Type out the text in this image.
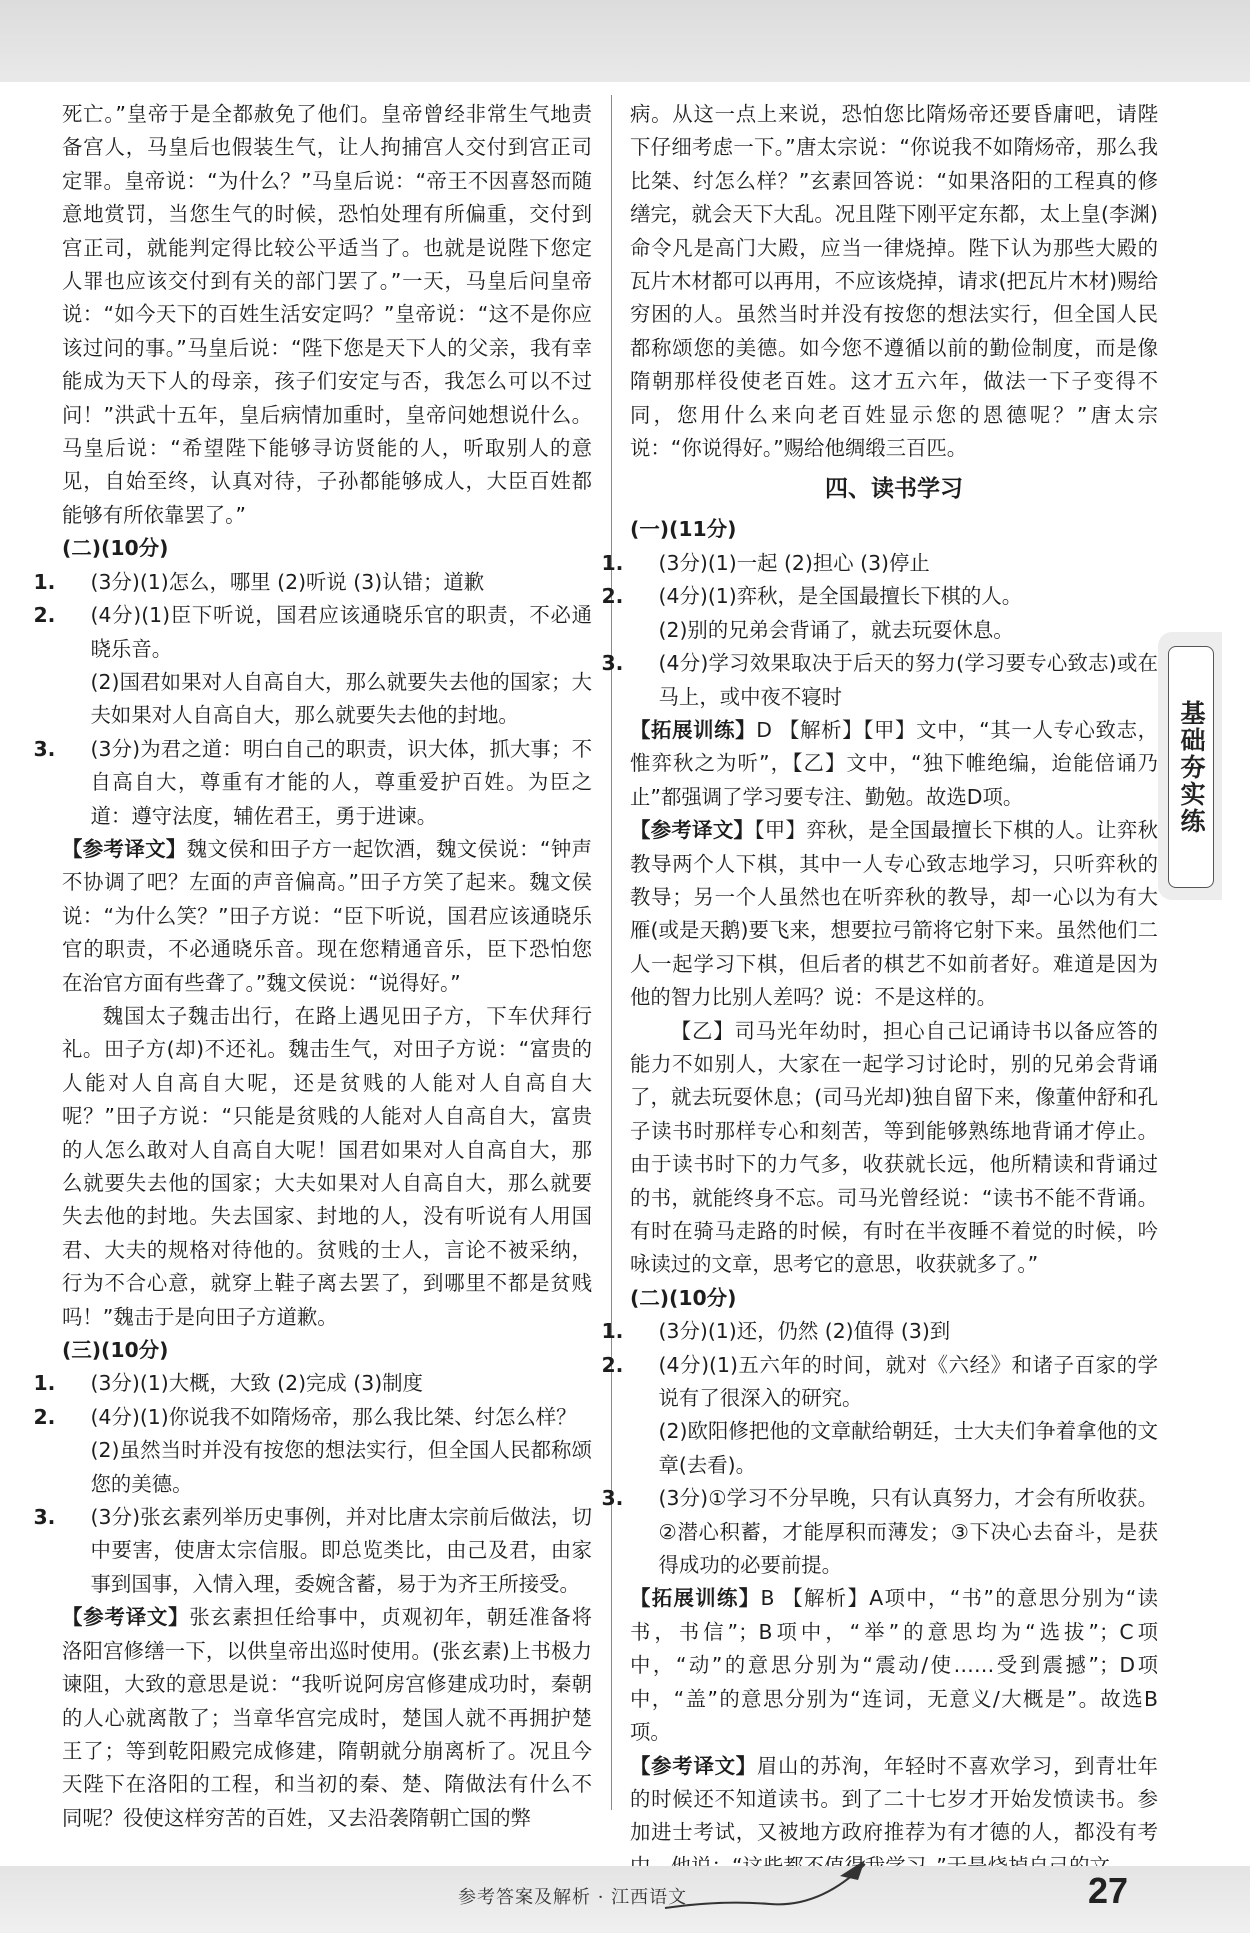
死亡。”皇帝于是全都赦免了他们。皇帝曾经非常生气地责备宫人，马皇后也假装生气，让人拘捕宫人交付到宫正司定罪。皇帝说：“为什么？”马皇后说：“帝王不因喜怒而随意地赏罚，当您生气的时候，恐怕处理有所偏重，交付到宫正司，就能判定得比较公平适当了。也就是说陛下您定人罪也应该交付到有关的部门罢了。”一天，马皇后问皇帝说：“如今天下的百姓生活安定吗？”皇帝说：“这不是你应该过问的事。”马皇后说：“陛下您是天下人的父亲，我有幸能成为天下人的母亲，孩子们安定与否，我怎么可以不过问！”洪武十五年，皇后病情加重时，皇帝问她想说什么。马皇后说：“希望陛下能够寻访贤能的人，听取别人的意见，自始至终，认真对待，子孙都能够成人，大臣百姓都能够有所依靠罢了。”

(二)(10分)

1. (3分)(1)怎么，哪里 (2)听说 (3)认错；道歉

2. (4分)(1)臣下听说，国君应该通晓乐官的职责，不必通晓乐音。

(2)国君如果对人自高自大，那么就要失去他的国家；大夫如果对人自高自大，那么就要失去他的封地。

3. (3分)为君之道：明白自己的职责，识大体，抓大事；不自高自大，尊重有才能的人，尊重爱护百姓。为臣之道：遵守法度，辅佐君王，勇于进谏。

【参考译文】魏文侯和田子方一起饮酒，魏文侯说：“钟声不协调了吧？左面的声音偏高。”田子方笑了起来。魏文侯说：“为什么笑？”田子方说：“臣下听说，国君应该通晓乐官的职责，不必通晓乐音。现在您精通音乐，臣下恐怕您在治官方面有些聋了。”魏文侯说：“说得好。”

魏国太子魏击出行，在路上遇见田子方，下车伏拜行礼。田子方(却)不还礼。魏击生气，对田子方说：“富贵的人能对人自高自大呢，还是贫贱的人能对人自高自大呢？”田子方说：“只能是贫贱的人能对人自高自大，富贵的人怎么敢对人自高自大呢！国君如果对人自高自大，那么就要失去他的国家；大夫如果对人自高自大，那么就要失去他的封地。失去国家、封地的人，没有听说有人用国君、大夫的规格对待他的。贫贱的士人，言论不被采纳，行为不合心意，就穿上鞋子离去罢了，到哪里不都是贫贱吗！”魏击于是向田子方道歉。

(三)(10分)

1. (3分)(1)大概，大致 (2)完成 (3)制度

2. (4分)(1)你说我不如隋炀帝，那么我比桀、纣怎么样？

(2)虽然当时并没有按您的想法实行，但全国人民都称颂您的美德。

3. (3分)张玄素列举历史事例，并对比唐太宗前后做法，切中要害，使唐太宗信服。即总览类比，由己及君，由家事到国事，入情入理，委婉含蓄，易于为齐王所接受。

【参考译文】张玄素担任给事中，贞观初年，朝廷准备将洛阳宫修缮一下，以供皇帝出巡时使用。(张玄素)上书极力谏阻，大致的意思是说：“我听说阿房宫修建成功时，秦朝的人心就离散了；当章华宫完成时，楚国人就不再拥护楚王了；等到乾阳殿完成修建，隋朝就分崩离析了。况且今天陛下在洛阳的工程，和当初的秦、楚、隋做法有什么不同呢？役使这样穷苦的百姓，又去沿袭隋朝亡国的弊

病。从这一点上来说，恐怕您比隋炀帝还要昏庸吧，请陛下仔细考虑一下。”唐太宗说：“你说我不如隋炀帝，那么我比桀、纣怎么样？”玄素回答说：“如果洛阳的工程真的修缮完，就会天下大乱。况且陛下刚平定东都，太上皇(李渊)命令凡是高门大殿，应当一律烧掉。陛下认为那些大殿的瓦片木材都可以再用，不应该烧掉，请求(把瓦片木材)赐给穷困的人。虽然当时并没有按您的想法实行，但全国人民都称颂您的美德。如今您不遵循以前的勤俭制度，而是像隋朝那样役使老百姓。这才五六年，做法一下子变得不同，您用什么来向老百姓显示您的恩德呢？”唐太宗说：“你说得好。”赐给他绸缎三百匹。

四、读书学习

(一)(11分)

1. (3分)(1)一起 (2)担心 (3)停止

2. (4分)(1)弈秋，是全国最擅长下棋的人。

(2)别的兄弟会背诵了，就去玩耍休息。

3. (4分)学习效果取决于后天的努力(学习要专心致志)或在马上，或中夜不寝时

【拓展训练】D 【解析】【甲】文中，“其一人专心致志，惟弈秋之为听”，【乙】文中，“独下帷绝编，迨能倍诵乃止”都强调了学习要专注、勤勉。故选D项。

【参考译文】【甲】弈秋，是全国最擅长下棋的人。让弈秋教导两个人下棋，其中一人专心致志地学习，只听弈秋的教导；另一个人虽然也在听弈秋的教导，却一心以为有大雁(或是天鹅)要飞来，想要拉弓箭将它射下来。虽然他们二人一起学习下棋，但后者的棋艺不如前者好。难道是因为他的智力比别人差吗？说：不是这样的。

【乙】司马光年幼时，担心自己记诵诗书以备应答的能力不如别人，大家在一起学习讨论时，别的兄弟会背诵了，就去玩耍休息；(司马光却)独自留下来，像董仲舒和孔子读书时那样专心和刻苦，等到能够熟练地背诵才停止。由于读书时下的力气多，收获就长远，他所精读和背诵过的书，就能终身不忘。司马光曾经说：“读书不能不背诵。有时在骑马走路的时候，有时在半夜睡不着觉的时候，吟咏读过的文章，思考它的意思，收获就多了。”

(二)(10分)

1. (3分)(1)还，仍然 (2)值得 (3)到

2. (4分)(1)五六年的时间，就对《六经》和诸子百家的学说有了很深入的研究。

(2)欧阳修把他的文章献给朝廷，士大夫们争着拿他的文章(去看)。

3. (3分)①学习不分早晚，只有认真努力，才会有所收获。②潜心积蓄，才能厚积而薄发；③下决心去奋斗，是获得成功的必要前提。

【拓展训练】B 【解析】A项中，“书”的意思分别为“读书，书信”；B项中，“举”的意思均为“选拔”；C项中，“动”的意思分别为“震动/使……受到震撼”；D项中，“盖”的意思分别为“连词，无意义/大概是”。故选B项。

【参考译文】眉山的苏洵，年轻时不喜欢学习，到青壮年的时候还不知道读书。到了二十七岁才开始发愤读书。参加进士考试，又被地方政府推荐为有才德的人，都没有考

基础夯实练
参考答案及解析 · 江西语文	27
